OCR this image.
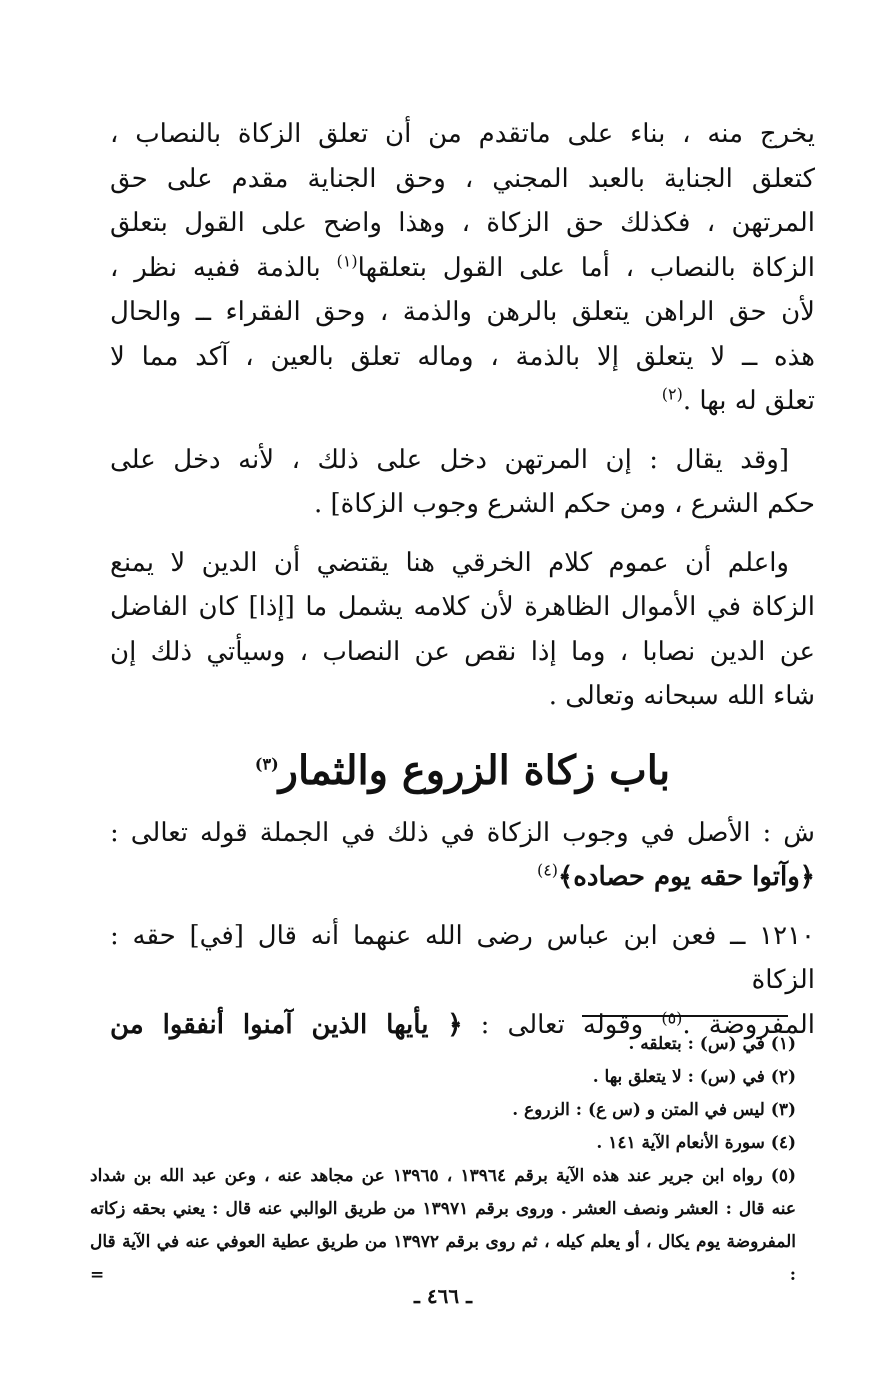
يخرج منه ، بناء على ماتقدم من أن تعلق الزكاة بالنصاب ،
كتعلق الجناية بالعبد المجني ، وحق الجناية مقدم على حق
المرتهن ، فكذلك حق الزكاة ، وهذا واضح على القول بتعلق
الزكاة بالنصاب ، أما على القول بتعلقها$^{(١)}$ بالذمة ففيه نظر ،
لأن حق الراهن يتعلق بالرهن والذمة ، وحق الفقراء ــ والحال
هذه ــ لا يتعلق إلا بالذمة ، وماله تعلق بالعين ، آكد مما لا
تعلق له بها .$^{(٢)}$

[وقد يقال : إن المرتهن دخل على ذلك ، لأنه دخل على
حكم الشرع ، ومن حكم الشرع وجوب الزكاة] .

واعلم أن عموم كلام الخرقي هنا يقتضي أن الدين لا يمنع
الزكاة في الأموال الظاهرة لأن كلامه يشمل ما [إذا] كان الفاضل
عن الدين نصابا ، وما إذا نقص عن النصاب ، وسيأتي ذلك إن
شاء الله سبحانه وتعالى .

باب زكاة الزروع والثمار$^{(٣)}$

ش : الأصل في وجوب الزكاة في ذلك في الجملة قوله تعالى :
﴿وآتوا حقه يوم حصاده﴾$^{(٤)}$

١٢١٠ ــ فعن ابن عباس رضى الله عنهما أنه قال [في] حقه : الزكاة
المفروضة .$^{(٥)}$ وقوله تعالى : ﴿ يأيها الذين آمنوا أنفقوا من

(١) في (س) : بتعلقه .
(٢) في (س) : لا يتعلق بها .
(٣) ليس في المتن و (س ع) : الزروع .
(٤) سورة الأنعام الآية ١٤١ .
(٥) رواه ابن جرير عند هذه الآية برقم ١٣٩٦٤ ، ١٣٩٦٥ عن مجاهد عنه ، وعن عبد الله بن شداد
عنه قال : العشر ونصف العشر . وروى برقم ١٣٩٧١ من طريق الوالبي عنه قال : يعني بحقه زكاته
المفروضة يوم يكال ، أو يعلم كيله ، ثم روى برقم ١٣٩٧٢ من طريق عطية العوفي عنه في الآية قال : =
ـ ٤٦٦ ـ
